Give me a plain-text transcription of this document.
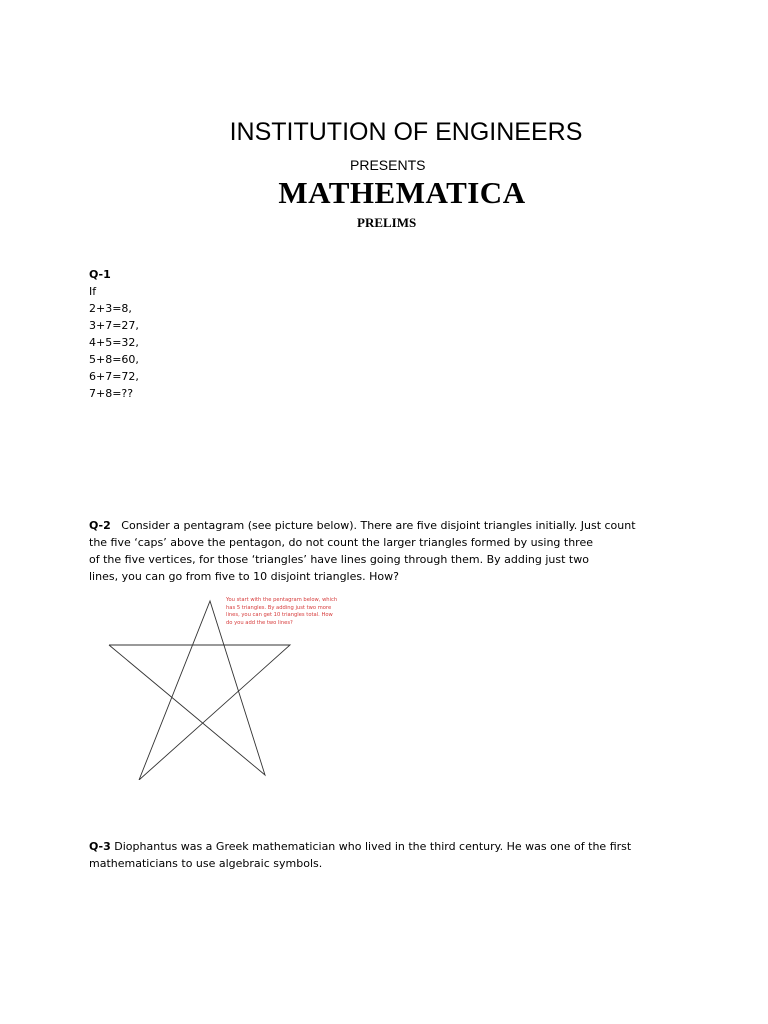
INSTITUTION OF ENGINEERS
PRESENTS
MATHEMATICA
PRELIMS
Q-1
If
2+3=8,
3+7=27,
4+5=32,
5+8=60,
6+7=72,
7+8=??
Q-2 Consider a pentagram (see picture below). There are five disjoint triangles initially. Just count
the five ‘caps’ above the pentagon, do not count the larger triangles formed by using three
of the five vertices, for those ‘triangles’ have lines going through them. By adding just two
lines, you can go from five to 10 disjoint triangles. How?
You start with the pentagram below, which has 5 triangles. By adding just two more lines, you can get 10 triangles total. How do you add the two lines?
Q-3 Diophantus was a Greek mathematician who lived in the third century. He was one of the first
mathematicians to use algebraic symbols.
